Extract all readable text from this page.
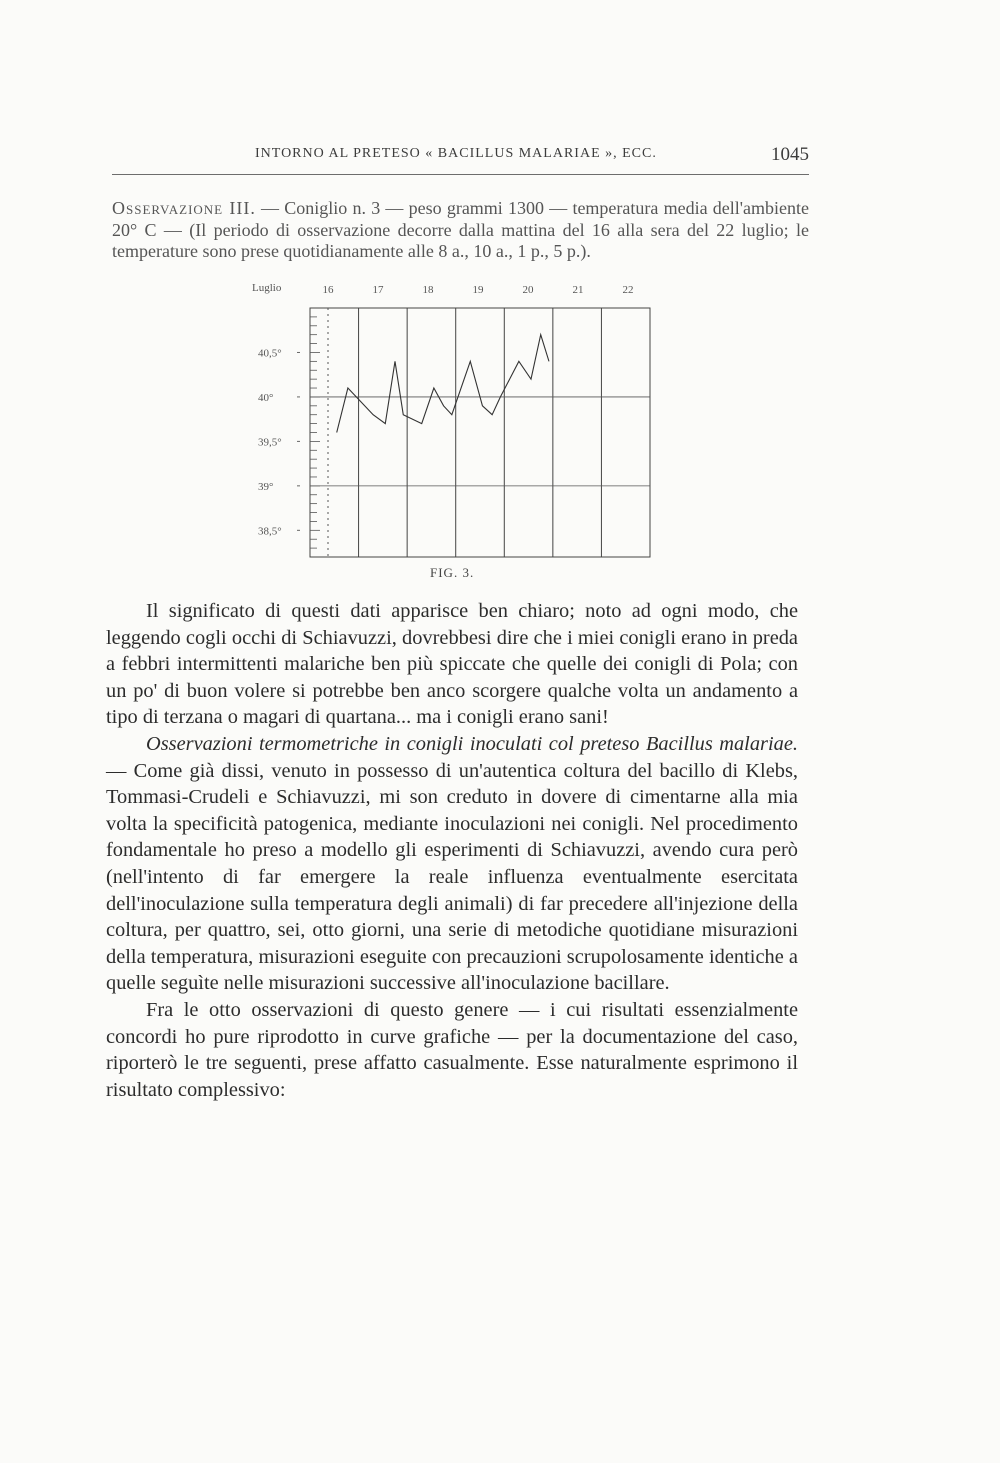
INTORNO AL PRETESO « BACILLUS MALARIAE », ECC.	1045
Osservazione III. — Coniglio n. 3 — peso grammi 1300 — temperatura media dell'ambiente 20° C — (Il periodo di osservazione decorre dalla mattina del 16 alla sera del 22 luglio; le temperature sono prese quotidianamente alle 8 a., 10 a., 1 p., 5 p.).
40,5°
40°
39,5°
39°
38,5°
Luglio	16	17	18	19	20	21	22
FIG. 3.

Il significato di questi dati apparisce ben chiaro; noto ad ogni modo, che leggendo cogli occhi di Schiavuzzi, dovrebbesi dire che i miei conigli erano in preda a febbri intermittenti malariche ben più spiccate che quelle dei conigli di Pola; con un po' di buon volere si potrebbe ben anco scorgere qualche volta un andamento a tipo di terzana o magari di quartana... ma i conigli erano sani!

Osservazioni termometriche in conigli inoculati col preteso Bacillus malariae. — Come già dissi, venuto in possesso di un'autentica coltura del bacillo di Klebs, Tommasi-Crudeli e Schiavuzzi, mi son creduto in dovere di cimentarne alla mia volta la specificità patogenica, mediante inoculazioni nei conigli. Nel procedimento fondamentale ho preso a modello gli esperimenti di Schiavuzzi, avendo cura però (nell'intento di far emergere la reale influenza eventualmente esercitata dell'inoculazione sulla temperatura degli animali) di far precedere all'injezione della coltura, per quattro, sei, otto giorni, una serie di metodiche quotidiane misurazioni della temperatura, misurazioni eseguite con precauzioni scrupolosamente identiche a quelle seguìte nelle misurazioni successive all'inoculazione bacillare.

Fra le otto osservazioni di questo genere — i cui risultati essenzialmente concordi ho pure riprodotto in curve grafiche — per la documentazione del caso, riporterò le tre seguenti, prese affatto casualmente. Esse naturalmente esprimono il risultato complessivo:
